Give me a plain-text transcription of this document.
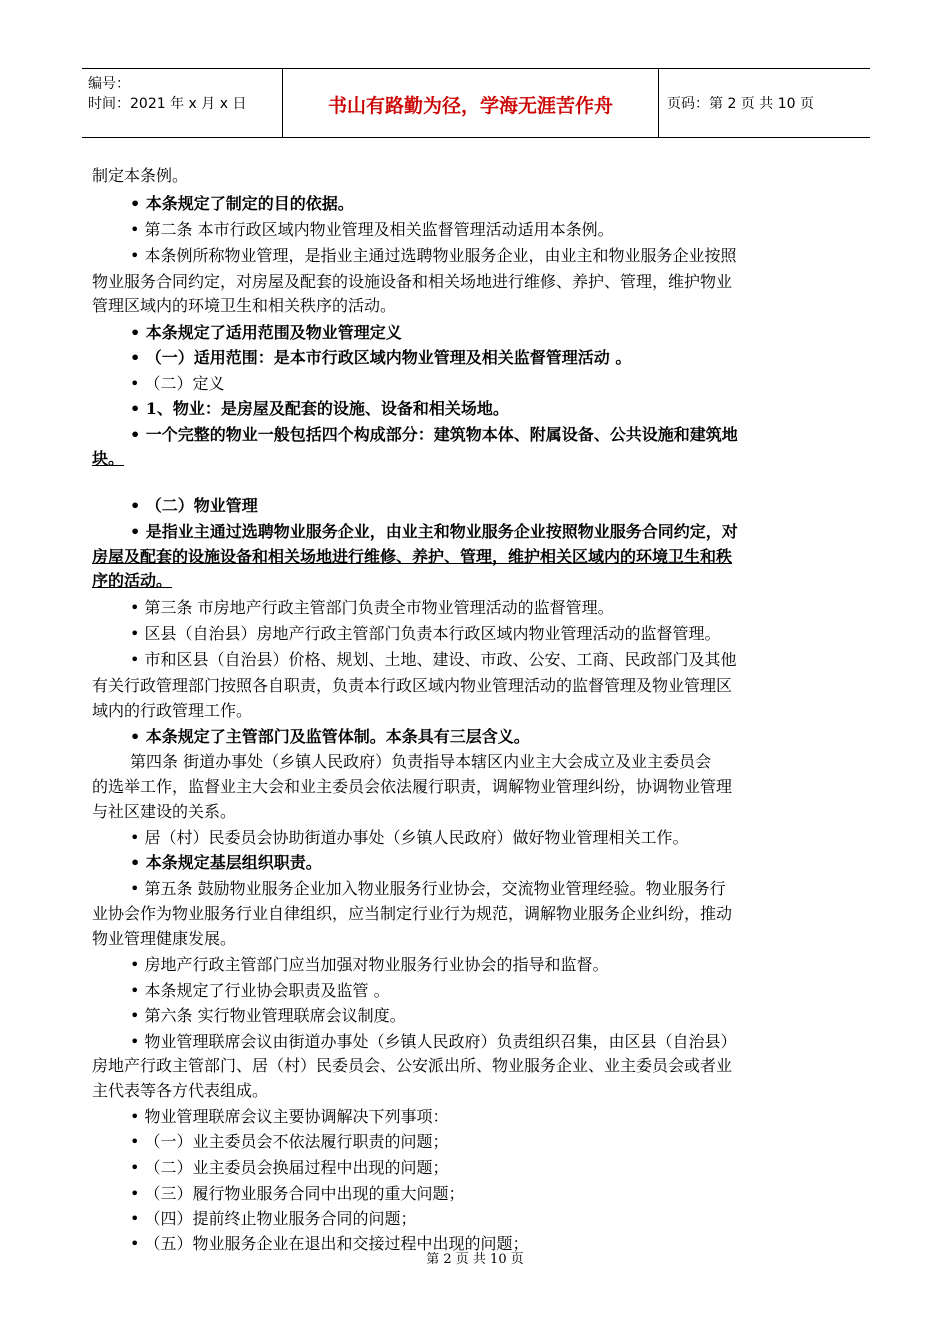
编号：
时间：2021 年 x 月 x 日	书山有路勤为径，学海无涯苦作舟	页码：第 2 页 共 10 页
制定本条例。
• 本条规定了制定的目的依据。
• 第二条 本市行政区域内物业管理及相关监督管理活动适用本条例。
• 本条例所称物业管理，是指业主通过选聘物业服务企业，由业主和物业服务企业按照
物业服务合同约定，对房屋及配套的设施设备和相关场地进行维修、养护、管理，维护物业
管理区域内的环境卫生和相关秩序的活动。
• 本条规定了适用范围及物业管理定义
• （一）适用范围：是本市行政区域内物业管理及相关监督管理活动 。
• （二）定义
• 1、物业：是房屋及配套的设施、设备和相关场地。
• 一个完整的物业一般包括四个构成部分：建筑物本体、附属设备、公共设施和建筑地
块。
• （二）物业管理
• 是指业主通过选聘物业服务企业，由业主和物业服务企业按照物业服务合同约定，对
房屋及配套的设施设备和相关场地进行维修、养护、管理，维护相关区域内的环境卫生和秩
序的活动。
• 第三条 市房地产行政主管部门负责全市物业管理活动的监督管理。
• 区县（自治县）房地产行政主管部门负责本行政区域内物业管理活动的监督管理。
• 市和区县（自治县）价格、规划、土地、建设、市政、公安、工商、民政部门及其他
有关行政管理部门按照各自职责，负责本行政区域内物业管理活动的监督管理及物业管理区
域内的行政管理工作。
• 本条规定了主管部门及监管体制。本条具有三层含义。
第四条 街道办事处（乡镇人民政府）负责指导本辖区内业主大会成立及业主委员会
的选举工作，监督业主大会和业主委员会依法履行职责，调解物业管理纠纷，协调物业管理
与社区建设的关系。
• 居（村）民委员会协助街道办事处（乡镇人民政府）做好物业管理相关工作。
• 本条规定基层组织职责。
• 第五条 鼓励物业服务企业加入物业服务行业协会，交流物业管理经验。物业服务行
业协会作为物业服务行业自律组织，应当制定行业行为规范，调解物业服务企业纠纷，推动
物业管理健康发展。
• 房地产行政主管部门应当加强对物业服务行业协会的指导和监督。
• 本条规定了行业协会职责及监管 。
• 第六条 实行物业管理联席会议制度。
• 物业管理联席会议由街道办事处（乡镇人民政府）负责组织召集，由区县（自治县）
房地产行政主管部门、居（村）民委员会、公安派出所、物业服务企业、业主委员会或者业
主代表等各方代表组成。
• 物业管理联席会议主要协调解决下列事项：
• （一）业主委员会不依法履行职责的问题；
• （二）业主委员会换届过程中出现的问题；
• （三）履行物业服务合同中出现的重大问题；
• （四）提前终止物业服务合同的问题；
• （五）物业服务企业在退出和交接过程中出现的问题；
第 2 页 共 10 页
